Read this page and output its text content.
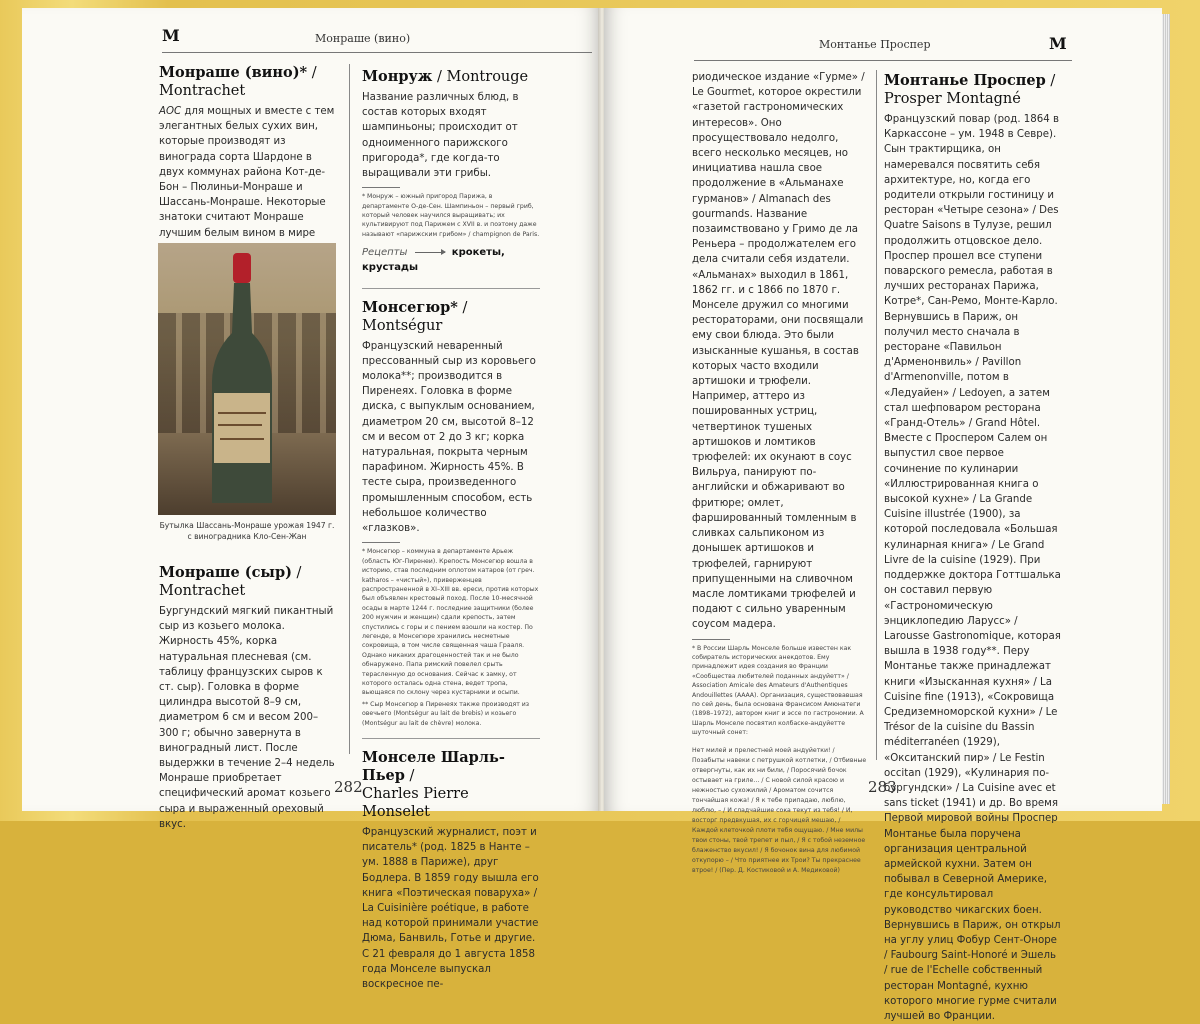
М	Монраше (вино)
Монраше (вино)* /
Montrachet

AOC для мощных и вместе с тем элегантных белых сухих вин, которые производят из винограда сорта Шардоне в двух коммунах района Кот-де-Бон – Пюлиньи-Монраше и Шассань-Монраше. Некоторые знатоки считают Монраше лучшим белым вином в мире

Монруж / Montrouge

Название различных блюд, в состав которых входят шампиньоны; происходит от одноименного парижского пригорода*, где когда-то выращивали эти грибы.

* Монруж – южный пригород Парижа, в департаменте О-де-Сен. Шампиньон – первый гриб, который человек научился выращивать; их культивируют под Парижем с XVII в. и поэтому даже называют «парижским грибом» / champignon de Paris.
Рецепты	крокеты, крустады
Монсегюр* / Montségur

Французский неваренный прессованный сыр из коровьего молока**; производится в Пиренеях. Головка в форме диска, с выпуклым основанием, диаметром 20 см, высотой 8–12 см и весом от 2 до 3 кг; корка натуральная, покрыта черным парафином. Жирность 45%. В тесте сыра, произведенного промышленным способом, есть небольшое количество «глазков».

* Монсегюр – коммуна в департаменте Арьеж (область Юг-Пиренеи). Крепость Монсегюр вошла в историю, став последним оплотом катаров (от греч. katharos – «чистый»), приверженцев распространенной в XI–XIII вв. ереси, против которых был объявлен крестовый поход. После 10-месячной осады в марте 1244 г. последние защитники (более 200 мужчин и женщин) сдали крепость, затем спустились с горы и с пением взошли на костер. По легенде, в Монсегюре хранились несметные сокровища, в том числе священная чаша Грааля. Однако никаких драгоценностей так и не было обнаружено. Папа римский повелел срыть терасленную до основания. Сейчас к замку, от которого осталась одна стена, ведет тропа, вьющаяся по склону через кустарники и осыпи.
** Сыр Монсегюр в Пиренеях также производят из овечьего (Montségur au lait de brebis) и козьего (Montségur au lait de chèvre) молока.
Монселе Шарль-Пьер /
Charles Pierre Monselet

Французский журналист, поэт и писатель* (род. 1825 в Нанте – ум. 1888 в Париже), друг Бодлера. В 1859 году вышла его книга «Поэтическая поваруха» / La Cuisinière poétique, в работе над которой принимали участие Дюма, Банвиль, Готье и другие. С 21 февраля до 1 августа 1858 года Монселе выпускал воскресное пе-

Бутылка Шассань-Монраше урожая 1947 г. с виноградника Кло-Сен-Жан
Монраше (сыр) /
Montrachet

Бургундский мягкий пикантный сыр из козьего молока. Жирность 45%, корка натуральная плесневая (см. таблицу французских сыров к ст. сыр). Головка в форме цилиндра высотой 8–9 см, диаметром 6 см и весом 200–300 г; обычно завернута в виноградный лист. После выдержки в течение 2–4 недель Монраше приобретает специфический аромат козьего сыра и выраженный ореховый вкус.

282
Монтанье Проспер	М

риодическое издание «Гурме» / Le Gourmet, которое окрестили «газетой гастрономических интересов». Оно просуществовало недолго, всего несколько месяцев, но инициатива нашла свое продолжение в «Альманахе гурманов» / Almanach des gourmands. Название позаимствовано у Гримо де ла Реньера – продолжателем его дела считали себя издатели. «Альманах» выходил в 1861, 1862 гг. и с 1866 по 1870 г. Монселе дружил со многими рестораторами, они посвящали ему свои блюда. Это были изысканные кушанья, в состав которых часто входили артишоки и трюфели. Например, аттеро из пошированных устриц, четвертинок тушеных артишоков и ломтиков трюфелей: их окунают в соус Вильруа, панируют по-английски и обжаривают во фритюре; омлет, фаршированный томленным в сливках сальпиконом из донышек артишоков и трюфелей, гарнируют припущенными на сливочном масле ломтиками трюфелей и подают с сильно уваренным соусом мадера.

* В России Шарль Монселе больше известен как собиратель исторических анекдотов. Ему принадлежит идея создания во Франции «Сообщества любителей поданных андуйетт» / Association Amicale des Amateurs d'Authentiques Andouillettes (АААА). Организация, существовавшая по сей день, была основана Франсисом Амюнатеги (1898–1972), автором книг и эссе по гастрономии. А Шарль Монселе посвятил колбаске-андуйетте шуточный сонет:
Нет милей и прелестней моей андуйетки! / Позабыты навеки с петрушкой котлетки, / Отбивные отвергнуты, как их ни били, / Поросячий бочок остывает на гриле… / С новой силой красою и нежностью сухожилий / Ароматом сочится тончайшая кожа! / Я к тебе припадаю, люблю, люблю, – / И сладчайшие сока текут из тебя! / И, восторг предвкушая, их с горчицей мешаю, / Каждой клеточкой плоти тебя ощущаю. / Мне милы твои стоны, твой трепет и пыл, / Я с тобой неземное блаженство вкусил! / Я бочонок вина для любимой откупорю – / Что приятнее их Трои? Ты прекраснее втрое! / (Пер. Д. Костиковой и А. Медиковой)
Монтанье Проспер /
Prosper Montagné

Французский повар (род. 1864 в Каркассоне – ум. 1948 в Севре). Сын трактирщика, он намеревался посвятить себя архитектуре, но, когда его родители открыли гостиницу и ресторан «Четыре сезона» / Des Quatre Saisons в Тулузе, решил продолжить отцовское дело. Проспер прошел все ступени поварского ремесла, работая в лучших ресторанах Парижа, Котре*, Сан-Ремо, Монте-Карло. Вернувшись в Париж, он получил место сначала в ресторане «Павильон д'Арменонвиль» / Pavillon d'Armenonville, потом в «Ледуайен» / Ledoyen, а затем стал шефповаром ресторана «Гранд-Отель» / Grand Hôtel. Вместе с Проспером Салем он выпустил свое первое сочинение по кулинарии «Иллюстрированная книга о высокой кухне» / La Grande Cuisine illustrée (1900), за которой последовала «Большая кулинарная книга» / Le Grand Livre de la cuisine (1929). При поддержке доктора Готтшалька он составил первую «Гастрономическую энциклопедию Ларусс» / Larousse Gastronomique, которая вышла в 1938 году**. Перу Монтанье также принадлежат книги «Изысканная кухня» / La Cuisine fine (1913), «Сокровища Средиземноморской кухни» / Le Trésor de la cuisine du Bassin méditerranéen (1929), «Окситанский пир» / Le Festin occitan (1929), «Кулинария по-бургундски» / La Cuisine avec et sans ticket (1941) и др. Во время Первой мировой войны Проспер Монтанье была поручена организация центральной армейской кухни. Затем он побывал в Северной Америке, где консультировал руководство чикагских боен. Вернувшись в Париж, он открыл на углу улиц Фобур Сент-Оноре / Faubourg Saint-Honoré и Эшель / rue de l'Echelle собственный ресторан Montagné, кухню которого многие гурме считали лучшей во Франции.

283
